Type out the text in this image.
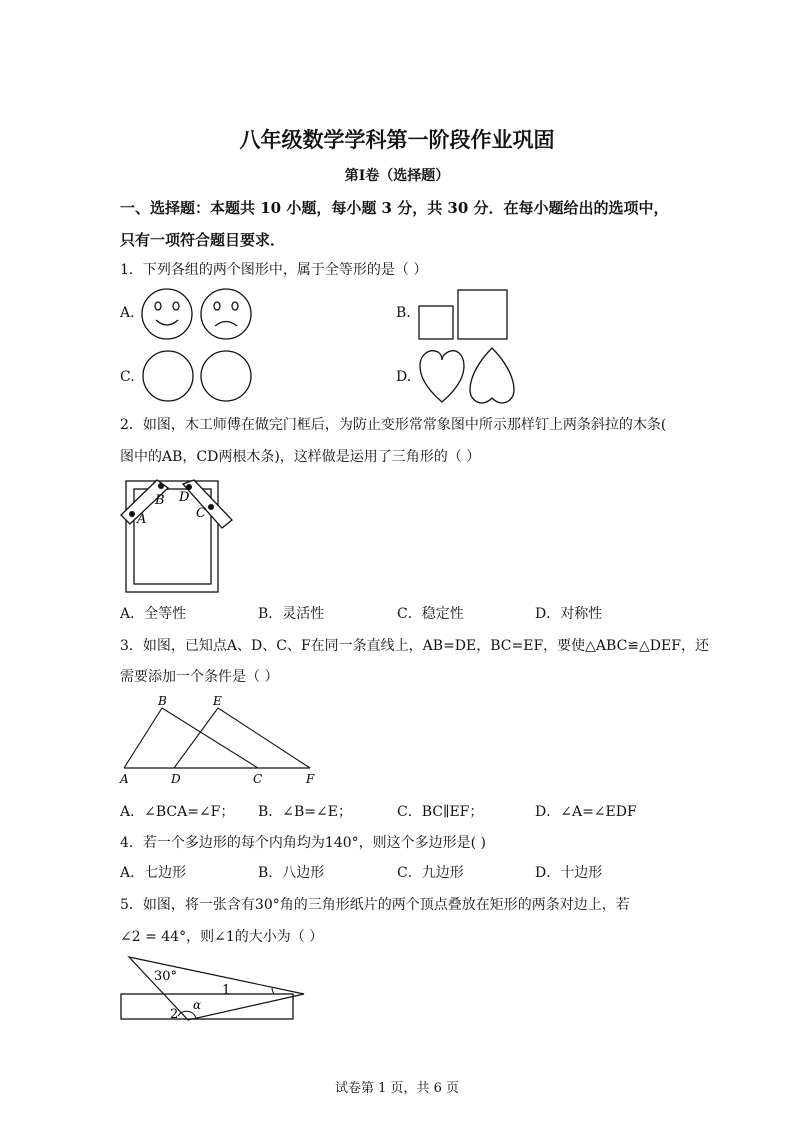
八年级数学学科第一阶段作业巩固
第Ⅰ卷（选择题）
一、选择题：本题共 10 小题，每小题 3 分，共 30 分．在每小题给出的选项中，
只有一项符合题目要求．
1．下列各组的两个图形中，属于全等形的是（ ）
A.	B.
C.	D.
2．如图，木工师傅在做完门框后，为防止变形常常象图中所示那样钉上两条斜拉的木条(
图中的AB，CD两根木条)，这样做是运用了三角形的（ ）
A
B
C
D
A．全等性	B．灵活性	C．稳定性	D．对称性
3．如图，已知点A、D、C、F在同一条直线上，AB=DE，BC=EF，要使△ABC≌△DEF，还
需要添加一个条件是（ ）
A
B
C
D
E
F
A．∠BCA=∠F； B．∠B=∠E；	C．BC∥EF；	D．∠A=∠EDF
4．若一个多边形的每个内角均为140°，则这个多边形是( )
A．七边形	B．八边形	C．九边形	D．十边形
5．如图，将一张含有30°角的三角形纸片的两个顶点叠放在矩形的两条对边上，若
∠2 = 44°，则∠1的大小为（ ）
30°
1
α
2
试卷第 1 页，共 6 页
